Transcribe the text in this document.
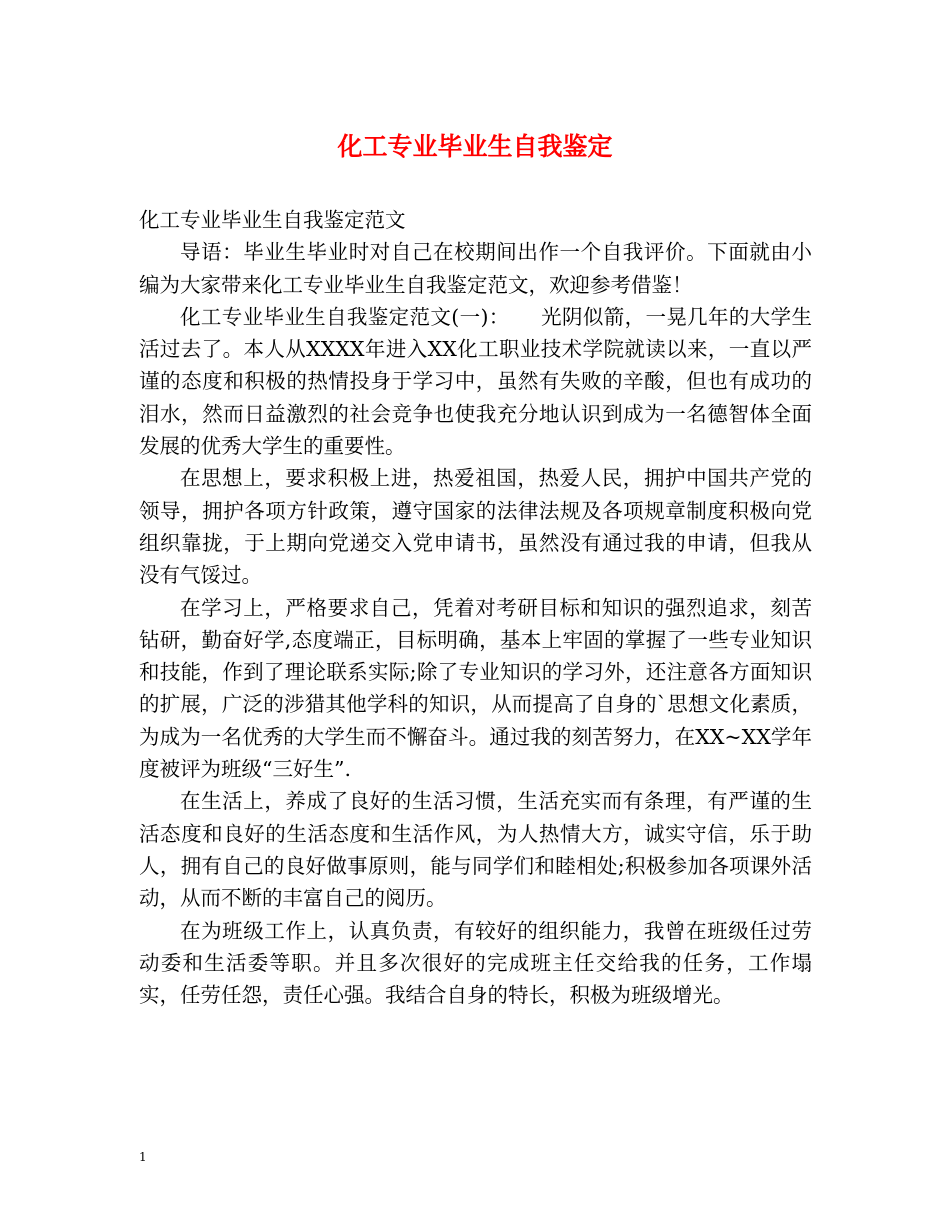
化工专业毕业生自我鉴定

化工专业毕业生自我鉴定范文

导语：毕业生毕业时对自己在校期间出作一个自我评价。下面就由小编为大家带来化工专业毕业生自我鉴定范文，欢迎参考借鉴！

化工专业毕业生自我鉴定范文(一)：　　光阴似箭，一晃几年的大学生活过去了。本人从XXXX年进入XX化工职业技术学院就读以来，一直以严谨的态度和积极的热情投身于学习中，虽然有失败的辛酸，但也有成功的泪水，然而日益激烈的社会竞争也使我充分地认识到成为一名德智体全面发展的优秀大学生的重要性。

在思想上，要求积极上进，热爱祖国，热爱人民，拥护中国共产党的领导，拥护各项方针政策，遵守国家的法律法规及各项规章制度积极向党组织靠拢，于上期向党递交入党申请书，虽然没有通过我的申请，但我从没有气馁过。

在学习上，严格要求自己，凭着对考研目标和知识的强烈追求，刻苦钻研，勤奋好学,态度端正，目标明确，基本上牢固的掌握了一些专业知识和技能，作到了理论联系实际;除了专业知识的学习外，还注意各方面知识的扩展，广泛的涉猎其他学科的知识，从而提高了自身的`思想文化素质，为成为一名优秀的大学生而不懈奋斗。通过我的刻苦努力，在XX~XX学年度被评为班级“三好生”.

在生活上，养成了良好的生活习惯，生活充实而有条理，有严谨的生活态度和良好的生活态度和生活作风，为人热情大方，诚实守信，乐于助人，拥有自己的良好做事原则，能与同学们和睦相处;积极参加各项课外活动，从而不断的丰富自己的阅历。

在为班级工作上，认真负责，有较好的组织能力，我曾在班级任过劳动委和生活委等职。并且多次很好的完成班主任交给我的任务，工作塌实，任劳任怨，责任心强。我结合自身的特长，积极为班级增光。

1
